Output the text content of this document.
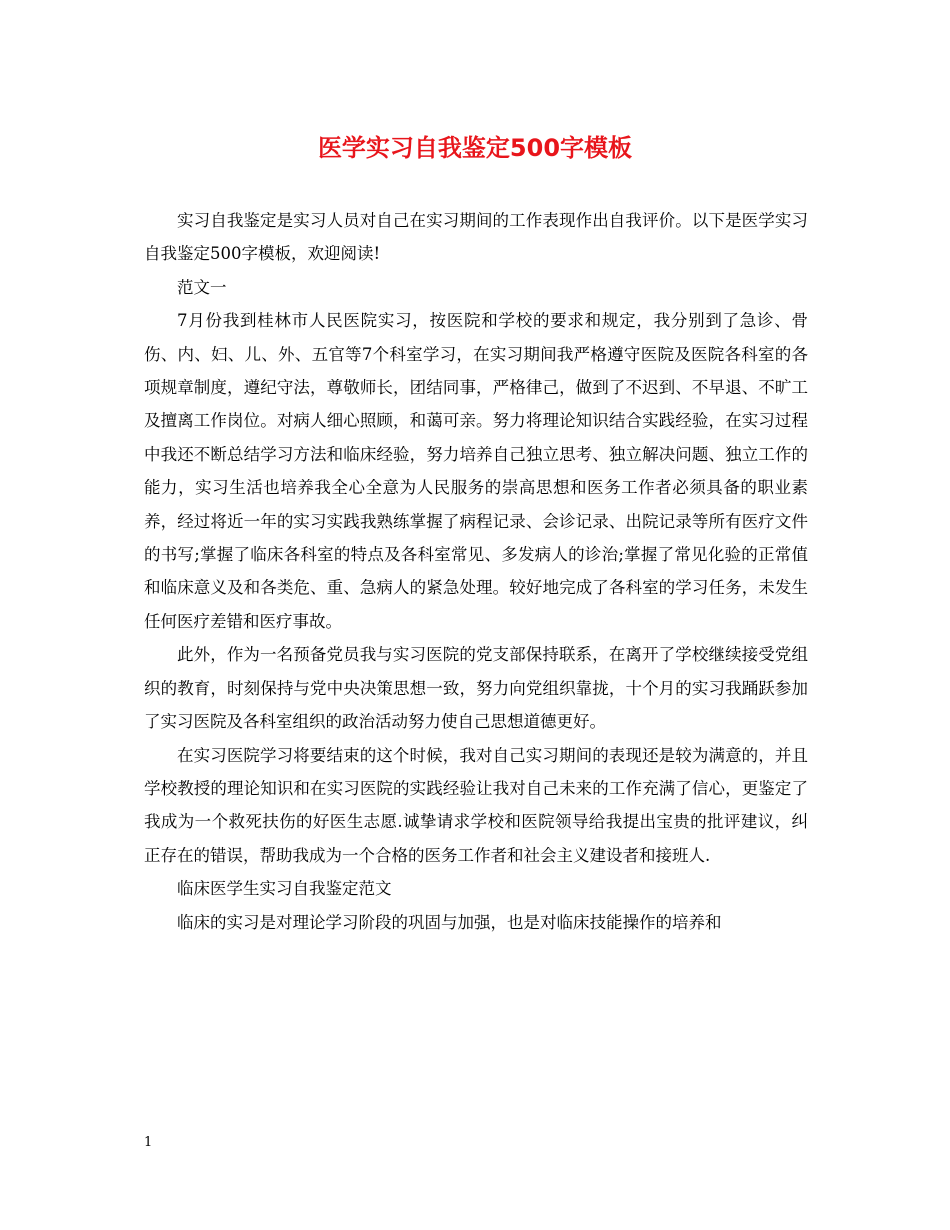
医学实习自我鉴定500字模板

实习自我鉴定是实习人员对自己在实习期间的工作表现作出自我评价。以下是医学实习自我鉴定500字模板，欢迎阅读!

范文一

7月份我到桂林市人民医院实习，按医院和学校的要求和规定，我分别到了急诊、骨伤、内、妇、儿、外、五官等7个科室学习，在实习期间我严格遵守医院及医院各科室的各项规章制度，遵纪守法，尊敬师长，团结同事，严格律己，做到了不迟到、不早退、不旷工及擅离工作岗位。对病人细心照顾，和蔼可亲。努力将理论知识结合实践经验，在实习过程中我还不断总结学习方法和临床经验，努力培养自己独立思考、独立解决问题、独立工作的能力，实习生活也培养我全心全意为人民服务的崇高思想和医务工作者必须具备的职业素养，经过将近一年的实习实践我熟练掌握了病程记录、会诊记录、出院记录等所有医疗文件的书写;掌握了临床各科室的特点及各科室常见、多发病人的诊治;掌握了常见化验的正常值和临床意义及和各类危、重、急病人的紧急处理。较好地完成了各科室的学习任务，未发生任何医疗差错和医疗事故。

此外，作为一名预备党员我与实习医院的党支部保持联系，在离开了学校继续接受党组织的教育，时刻保持与党中央决策思想一致，努力向党组织靠拢，十个月的实习我踊跃参加了实习医院及各科室组织的政治活动努力使自己思想道德更好。

在实习医院学习将要结束的这个时候，我对自己实习期间的表现还是较为满意的，并且学校教授的理论知识和在实习医院的实践经验让我对自己未来的工作充满了信心，更鉴定了我成为一个救死扶伤的好医生志愿.诚挚请求学校和医院领导给我提出宝贵的批评建议，纠正存在的错误，帮助我成为一个合格的医务工作者和社会主义建设者和接班人.

临床医学生实习自我鉴定范文

临床的实习是对理论学习阶段的巩固与加强，也是对临床技能操作的培养和

1
